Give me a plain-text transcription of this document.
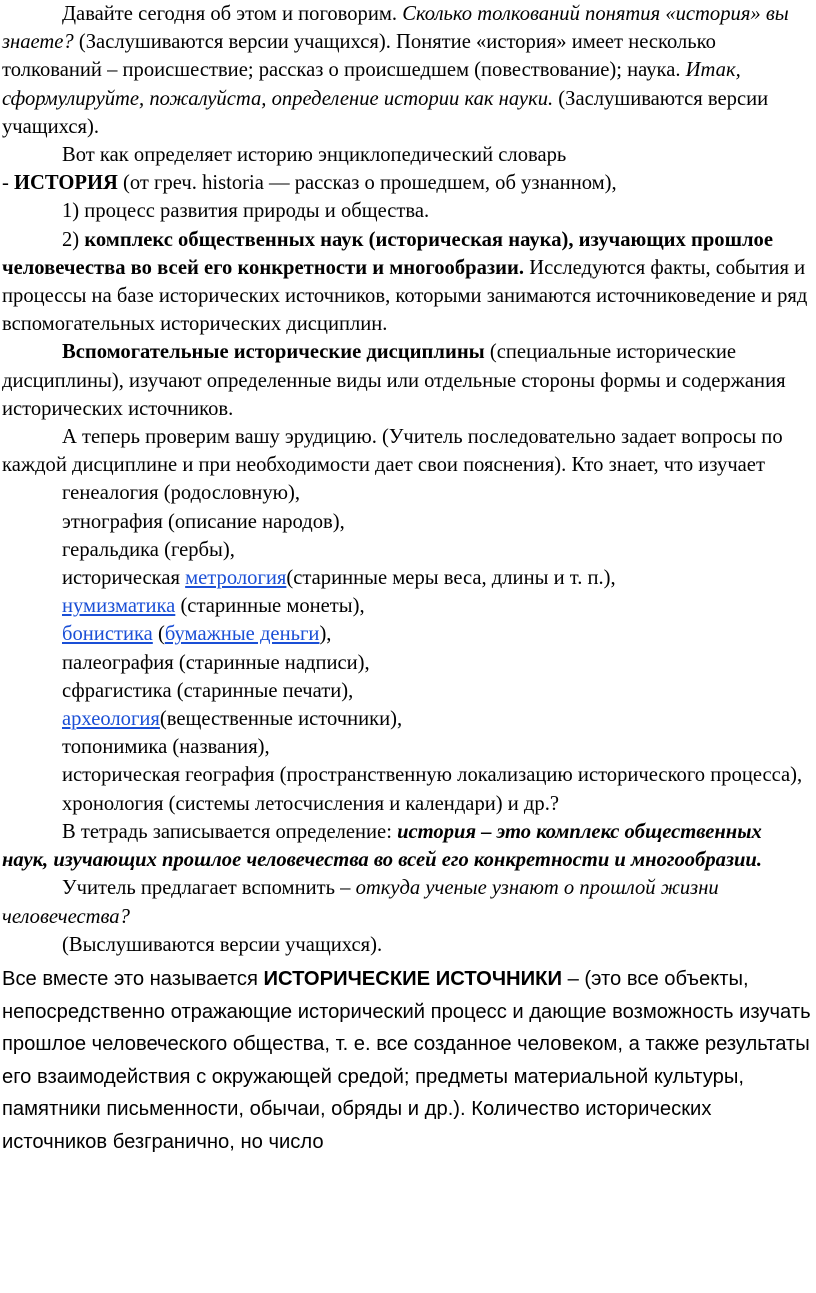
Давайте сегодня об этом и поговорим. Сколько толкований понятия «история» вы знаете? (Заслушиваются версии учащихся). Понятие «история» имеет несколько толкований – происшествие; рассказ о происшедшем (повествование); наука. Итак, сформулируйте, пожалуйста, определение истории как науки. (Заслушиваются версии учащихся).

Вот как определяет историю энциклопедический словарь

- ИСТОРИЯ (от греч. historia — рассказ о прошедшем, об узнанном),

1) процесс развития природы и общества.

2) комплекс общественных наук (историческая наука), изучающих прошлое человечества во всей его конкретности и многообразии. Исследуются факты, события и процессы на базе исторических источников, которыми занимаются источниковедение и ряд вспомогательных исторических дисциплин.

Вспомогательные исторические дисциплины (специальные исторические дисциплины), изучают определенные виды или отдельные стороны формы и содержания исторических источников.

А теперь проверим вашу эрудицию. (Учитель последовательно задает вопросы по каждой дисциплине и при необходимости дает свои пояснения). Кто знает, что изучает

генеалогия (родословную),

этнография (описание народов),

геральдика (гербы),

историческая метрология(старинные меры веса, длины и т. п.),

нумизматика (старинные монеты),

бонистика (бумажные деньги),

палеография (старинные надписи),

сфрагистика (старинные печати),

археология(вещественные источники),

топонимика (названия),

историческая география (пространственную локализацию исторического процесса),

хронология (системы летосчисления и календари) и др.?

В тетрадь записывается определение: история – это комплекс общественных наук, изучающих прошлое человечества во всей его конкретности и многообразии.

Учитель предлагает вспомнить – откуда ученые узнают о прошлой жизни человечества?

(Выслушиваются версии учащихся).

Все вместе это называется ИСТОРИЧЕСКИЕ ИСТОЧНИКИ – (это все объекты, непосредственно отражающие исторический процесс и дающие возможность изучать прошлое человеческого общества, т. е. все созданное человеком, а также результаты его взаимодействия с окружающей средой; предметы материальной культуры, памятники письменности, обычаи, обряды и др.). Количество исторических источников безгранично, но число
